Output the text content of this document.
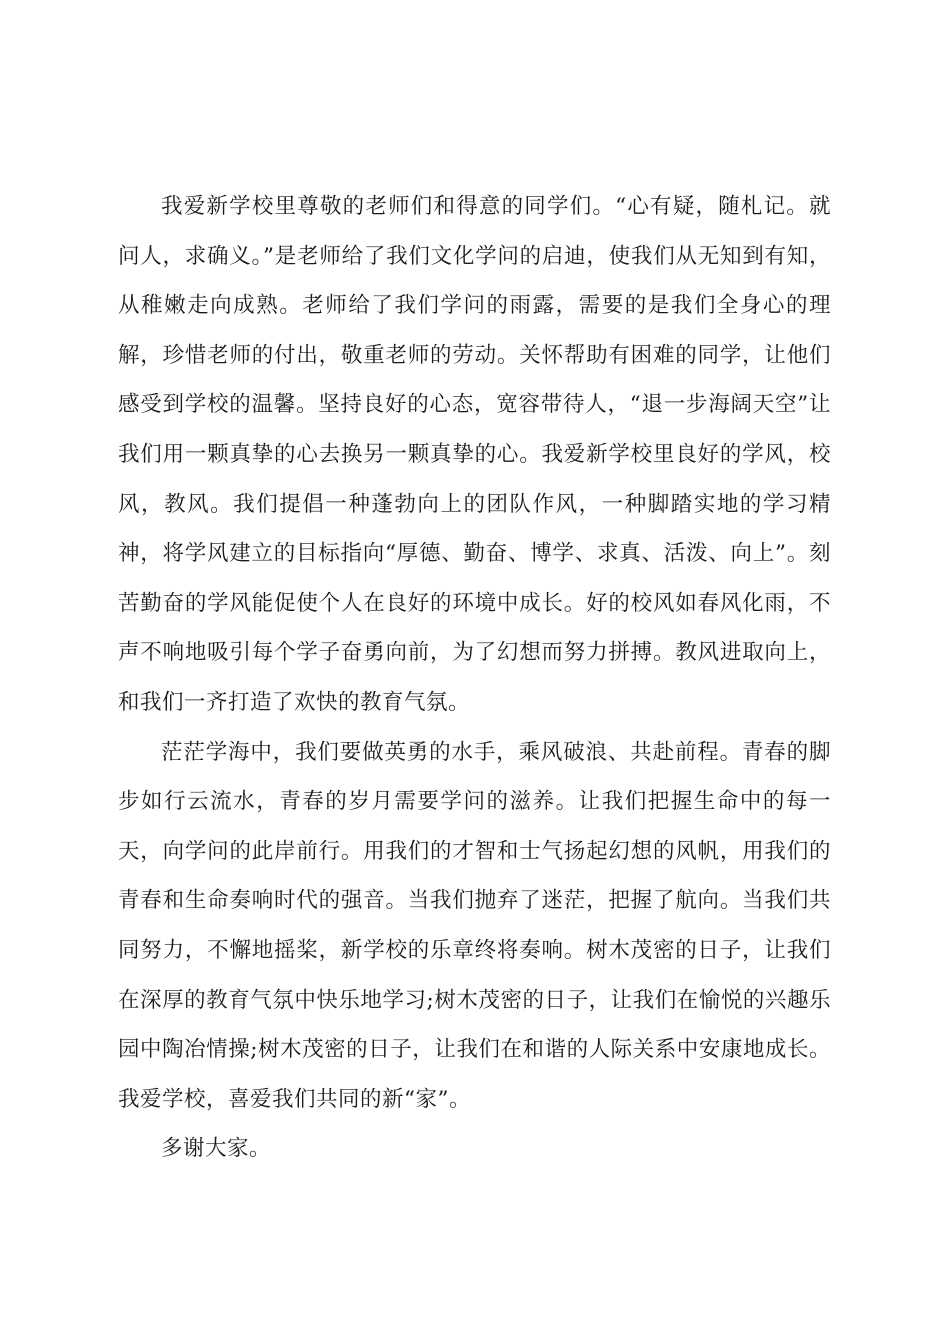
我爱新学校里尊敬的老师们和得意的同学们。“心有疑，随札记。就问人，求确义。”是老师给了我们文化学问的启迪，使我们从无知到有知，从稚嫩走向成熟。老师给了我们学问的雨露，需要的是我们全身心的理解，珍惜老师的付出，敬重老师的劳动。关怀帮助有困难的同学，让他们感受到学校的温馨。坚持良好的心态，宽容带待人，“退一步海阔天空”让我们用一颗真挚的心去换另一颗真挚的心。我爱新学校里良好的学风，校风，教风。我们提倡一种蓬勃向上的团队作风，一种脚踏实地的学习精神，将学风建立的目标指向“厚德、勤奋、博学、求真、活泼、向上”。刻苦勤奋的学风能促使个人在良好的环境中成长。好的校风如春风化雨，不声不响地吸引每个学子奋勇向前，为了幻想而努力拼搏。教风进取向上，和我们一齐打造了欢快的教育气氛。

茫茫学海中，我们要做英勇的水手，乘风破浪、共赴前程。青春的脚步如行云流水，青春的岁月需要学问的滋养。让我们把握生命中的每一天，向学问的此岸前行。用我们的才智和士气扬起幻想的风帆，用我们的青春和生命奏响时代的强音。当我们抛弃了迷茫，把握了航向。当我们共同努力，不懈地摇桨，新学校的乐章终将奏响。树木茂密的日子，让我们在深厚的教育气氛中快乐地学习;树木茂密的日子，让我们在愉悦的兴趣乐园中陶冶情操;树木茂密的日子，让我们在和谐的人际关系中安康地成长。我爱学校，喜爱我们共同的新“家”。

多谢大家。
